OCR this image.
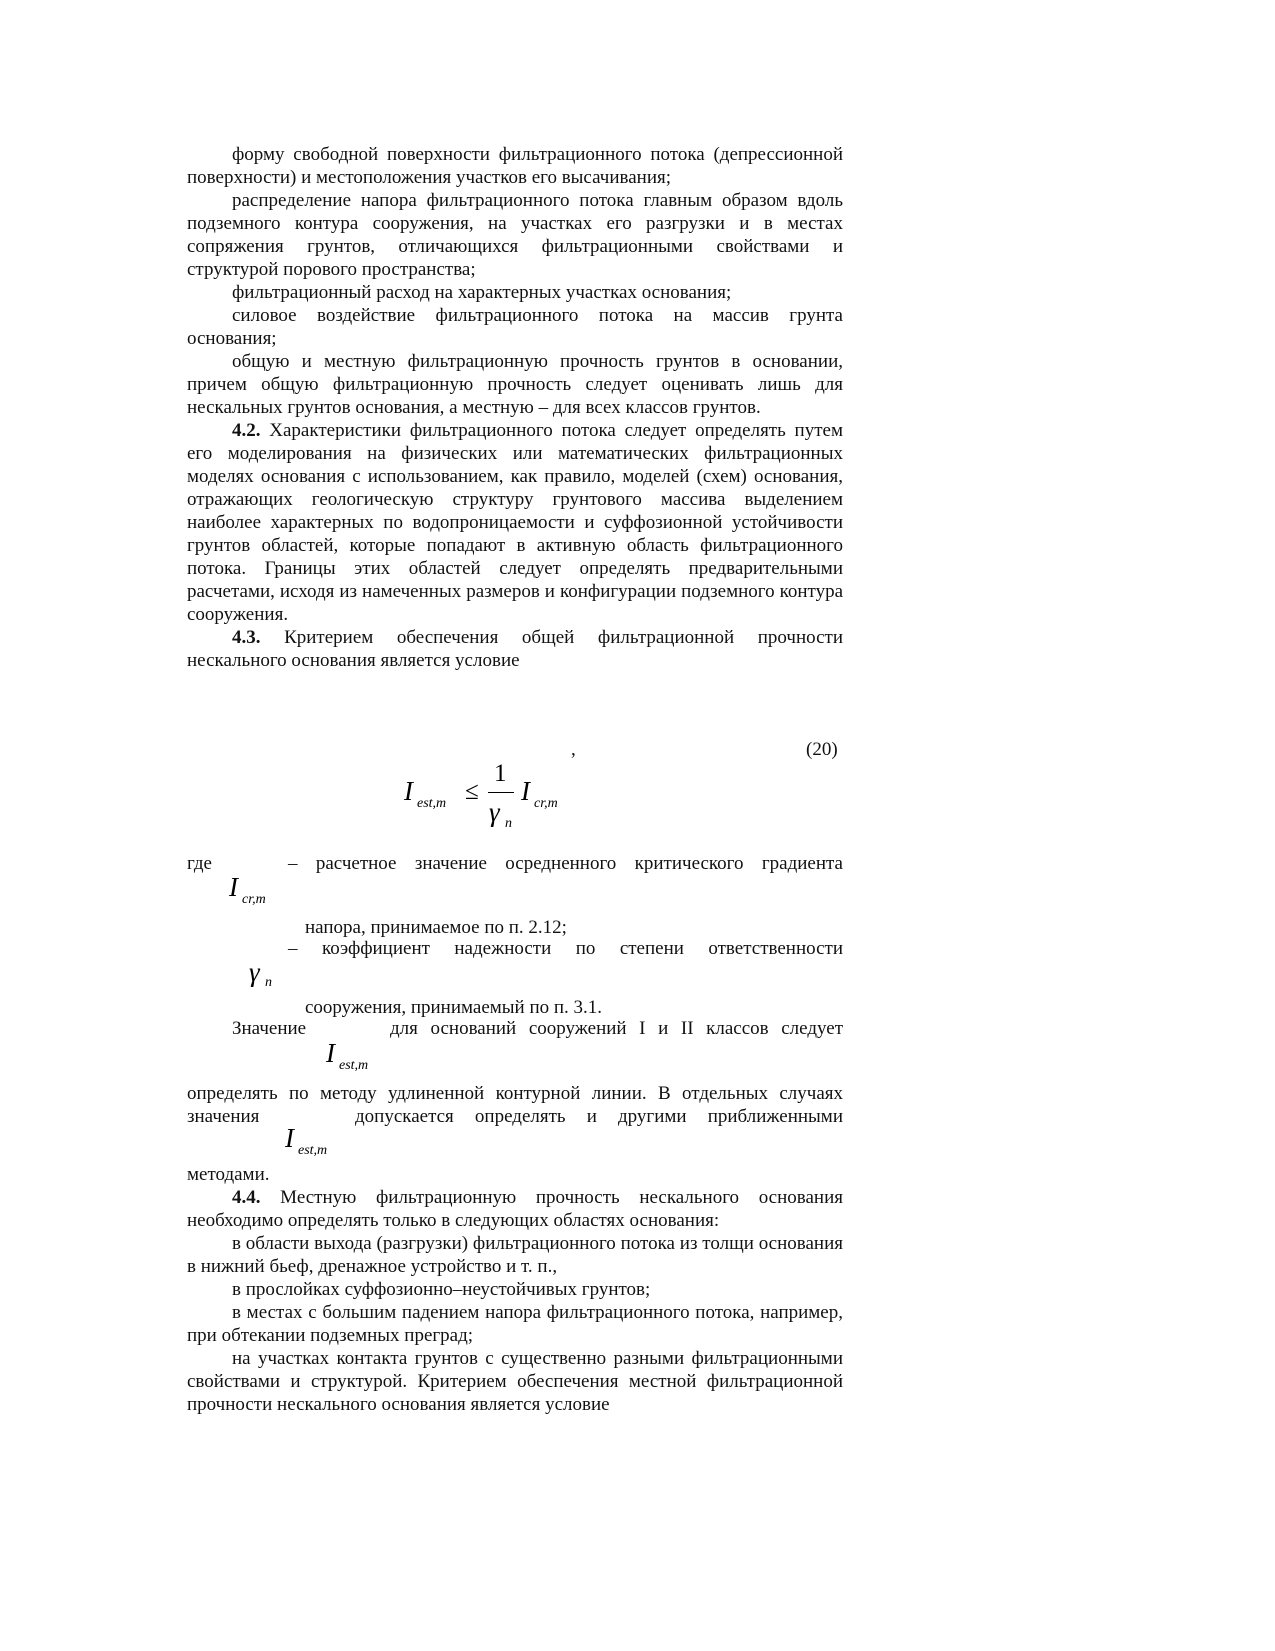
форму свободной поверхности фильтрационного потока (депрессионной поверхности) и местоположения участков его высачивания;

распределение напора фильтрационного потока главным образом вдоль подземного контура сооружения, на участках его разгрузки и в местах сопряжения грунтов, отличающихся фильтрационными свойствами и структурой порового пространства;

фильтрационный расход на характерных участках основания;

силовое воздействие фильтрационного потока на массив грунта основания;

общую и местную фильтрационную прочность грунтов в основании, причем общую фильтрационную прочность следует оценивать лишь для нескальных грунтов основания, а местную – для всех классов грунтов.

4.2. Характеристики фильтрационного потока следует определять путем его моделирования на физических или математических фильтрационных моделях основания с использованием, как правило, моделей (схем) основания, отражающих геологическую структуру грунтового массива выделением наиболее характерных по водопроницаемости и суффозионной устойчивости грунтов областей, которые попадают в активную область фильтрационного потока. Границы этих областей следует определять предварительными расчетами, исходя из намеченных размеров и конфигурации подземного контура сооружения.

4.3. Критерием обеспечения общей фильтрационной прочности нескального основания является условие

,	(20)
I est,m ≤
1
γ n
I cr,m
где	– расчетное значение осредненного критического градиента
I cr,m
напора, принимаемое по п. 2.12;
– коэффициент надежности по степени ответственности
γ n
сооружения, принимаемый по п. 3.1.
Значение	для оснований сооружений I и II классов следует
I est,m
определять по методу удлиненной контурной линии. В отдельных случаях
значения	допускается определять и другими приближенными
I est,m
методами.

4.4. Местную фильтрационную прочность нескального основания необходимо определять только в следующих областях основания:

в области выхода (разгрузки) фильтрационного потока из толщи основания в нижний бьеф, дренажное устройство и т. п.,

в прослойках суффозионно–неустойчивых грунтов;

в местах с большим падением напора фильтрационного потока, например, при обтекании подземных преград;

на участках контакта грунтов с существенно разными фильтрационными свойствами и структурой. Критерием обеспечения местной фильтрационной прочности нескального основания является условие
